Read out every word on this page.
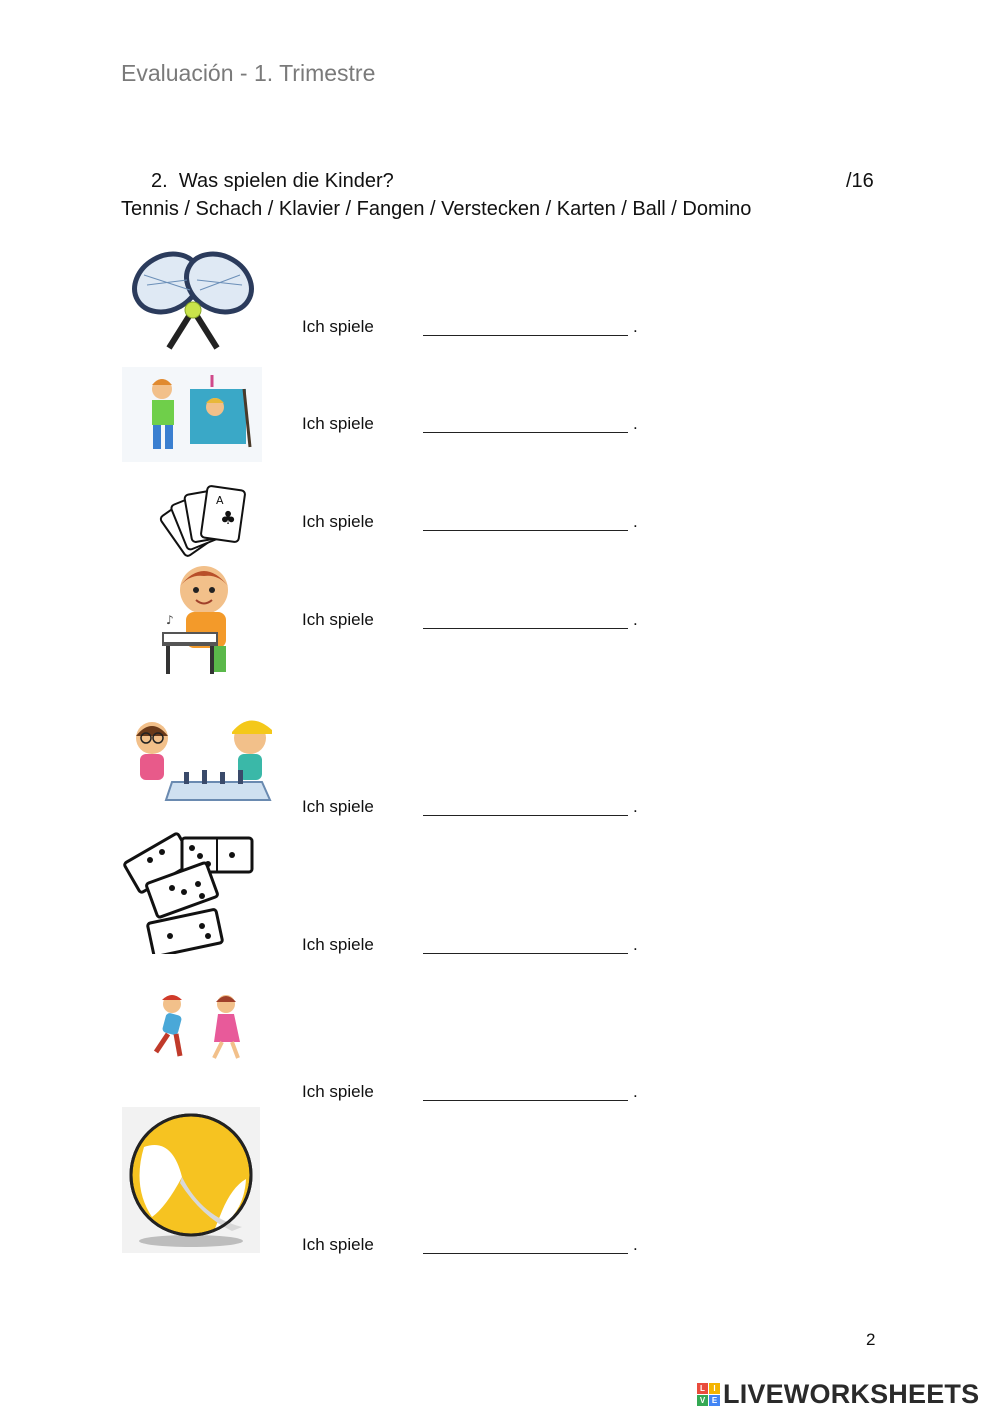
Evaluación - 1. Trimestre
2. Was spielen die Kinder?	/16
Tennis / Schach / Klavier / Fangen / Verstecken / Karten / Ball / Domino
Ich spiele	.
Ich spiele	.
A
♣	Ich spiele	.
♪	Ich spiele	.
Ich spiele	.
Ich spiele	.
Ich spiele	.
Ich spiele	.
2
L	I
V E LIVEWORKSHEETS
